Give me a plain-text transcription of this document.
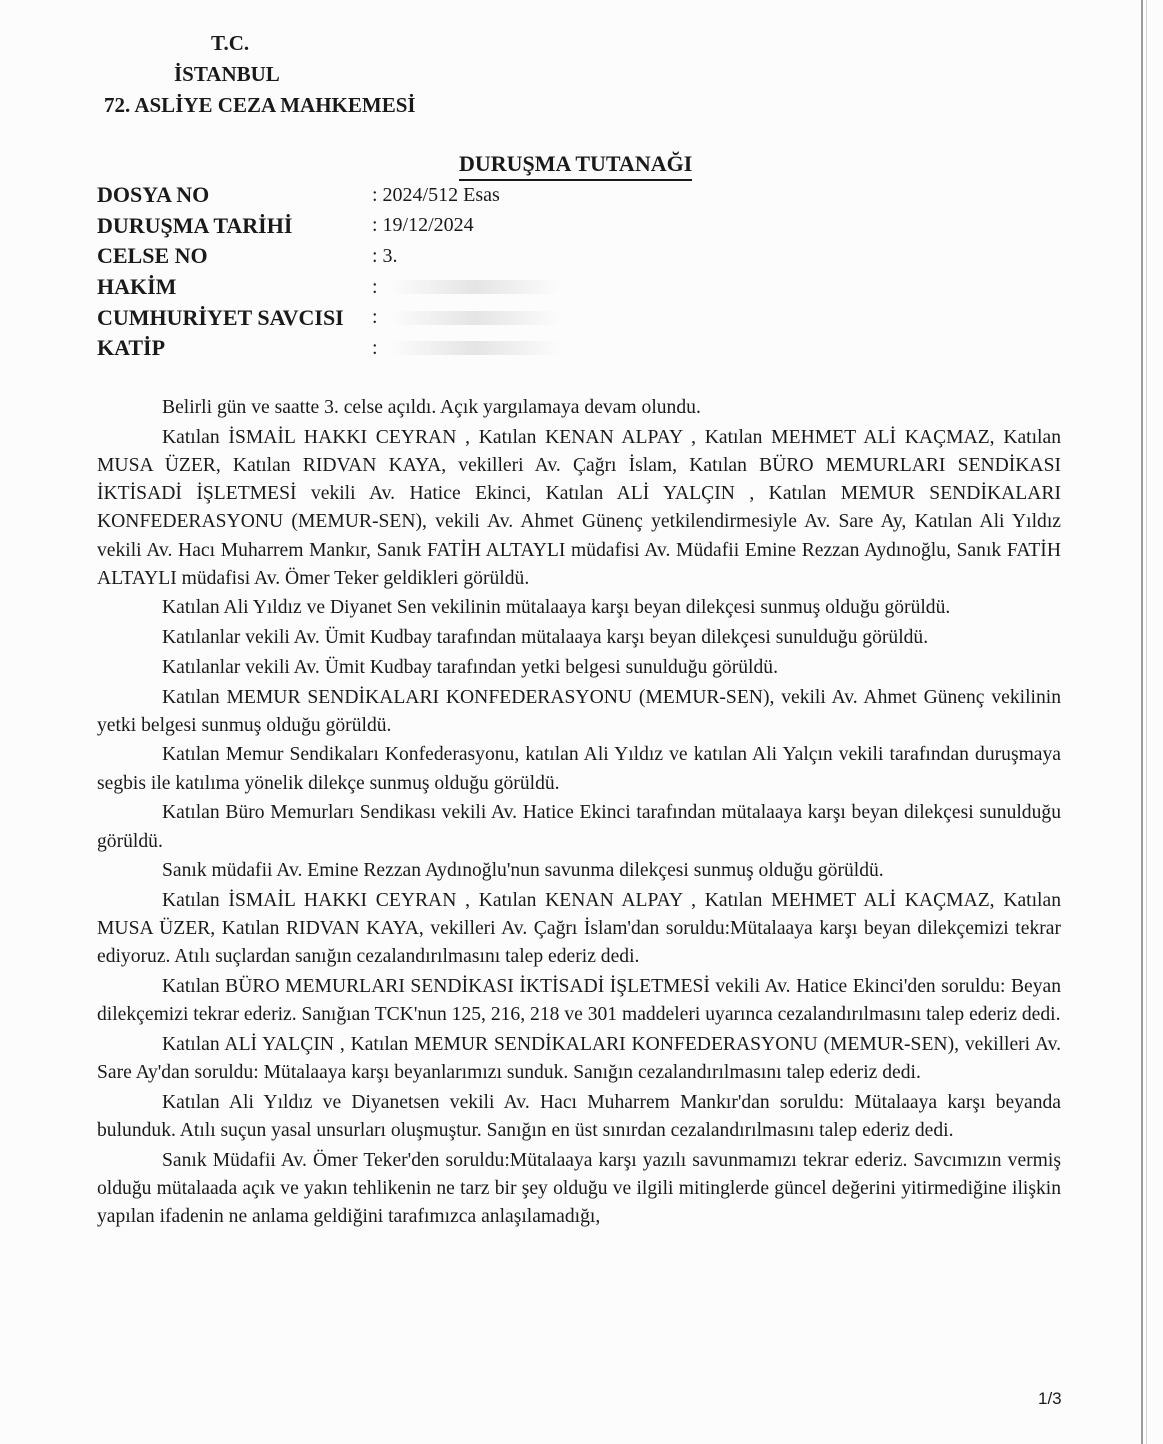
T.C.
İSTANBUL
72. ASLİYE CEZA MAHKEMESİ
DURUŞMA TUTANAĞI
DOSYA NO	: 2024/512 Esas
DURUŞMA TARİHİ	: 19/12/2024
CELSE NO	: 3.
HAKİM	:
CUMHURİYET SAVCISI	:
KATİP	:

Belirli gün ve saatte 3. celse açıldı. Açık yargılamaya devam olundu.

Katılan İSMAİL HAKKI CEYRAN , Katılan KENAN ALPAY , Katılan MEHMET ALİ KAÇMAZ, Katılan MUSA ÜZER, Katılan RIDVAN KAYA, vekilleri Av. Çağrı İslam, Katılan BÜRO MEMURLARI SENDİKASI İKTİSADİ İŞLETMESİ vekili Av. Hatice Ekinci, Katılan ALİ YALÇIN , Katılan MEMUR SENDİKALARI KONFEDERASYONU (MEMUR-SEN), vekili Av. Ahmet Günenç yetkilendirmesiyle Av. Sare Ay, Katılan Ali Yıldız vekili Av. Hacı Muharrem Mankır, Sanık FATİH ALTAYLI müdafisi Av. Müdafii Emine Rezzan Aydınoğlu, Sanık FATİH ALTAYLI müdafisi Av. Ömer Teker geldikleri görüldü.

Katılan Ali Yıldız ve Diyanet Sen vekilinin mütalaaya karşı beyan dilekçesi sunmuş olduğu görüldü.

Katılanlar vekili Av. Ümit Kudbay tarafından mütalaaya karşı beyan dilekçesi sunulduğu görüldü.

Katılanlar vekili Av. Ümit Kudbay tarafından yetki belgesi sunulduğu görüldü.

Katılan MEMUR SENDİKALARI KONFEDERASYONU (MEMUR-SEN), vekili Av. Ahmet Günenç vekilinin yetki belgesi sunmuş olduğu görüldü.

Katılan Memur Sendikaları Konfederasyonu, katılan Ali Yıldız ve katılan Ali Yalçın vekili tarafından duruşmaya segbis ile katılıma yönelik dilekçe sunmuş olduğu görüldü.

Katılan Büro Memurları Sendikası vekili Av. Hatice Ekinci tarafından mütalaaya karşı beyan dilekçesi sunulduğu görüldü.

Sanık müdafii Av. Emine Rezzan Aydınoğlu'nun savunma dilekçesi sunmuş olduğu görüldü.

Katılan İSMAİL HAKKI CEYRAN , Katılan KENAN ALPAY , Katılan MEHMET ALİ KAÇMAZ, Katılan MUSA ÜZER, Katılan RIDVAN KAYA, vekilleri Av. Çağrı İslam'dan soruldu:Mütalaaya karşı beyan dilekçemizi tekrar ediyoruz. Atılı suçlardan sanığın cezalandırılmasını talep ederiz dedi.

Katılan BÜRO MEMURLARI SENDİKASI İKTİSADİ İŞLETMESİ vekili Av. Hatice Ekinci'den soruldu: Beyan dilekçemizi tekrar ederiz. Sanığıan TCK'nun 125, 216, 218 ve 301 maddeleri uyarınca cezalandırılmasını talep ederiz dedi.

Katılan ALİ YALÇIN , Katılan MEMUR SENDİKALARI KONFEDERASYONU (MEMUR-SEN), vekilleri Av. Sare Ay'dan soruldu: Mütalaaya karşı beyanlarımızı sunduk. Sanığın cezalandırılmasını talep ederiz dedi.

Katılan Ali Yıldız ve Diyanetsen vekili Av. Hacı Muharrem Mankır'dan soruldu: Mütalaaya karşı beyanda bulunduk. Atılı suçun yasal unsurları oluşmuştur. Sanığın en üst sınırdan cezalandırılmasını talep ederiz dedi.

Sanık Müdafii Av. Ömer Teker'den soruldu:Mütalaaya karşı yazılı savunmamızı tekrar ederiz. Savcımızın vermiş olduğu mütalaada açık ve yakın tehlikenin ne tarz bir şey olduğu ve ilgili mitinglerde güncel değerini yitirmediğine ilişkin yapılan ifadenin ne anlama geldiğini tarafımızca anlaşılamadığı,

1/3
